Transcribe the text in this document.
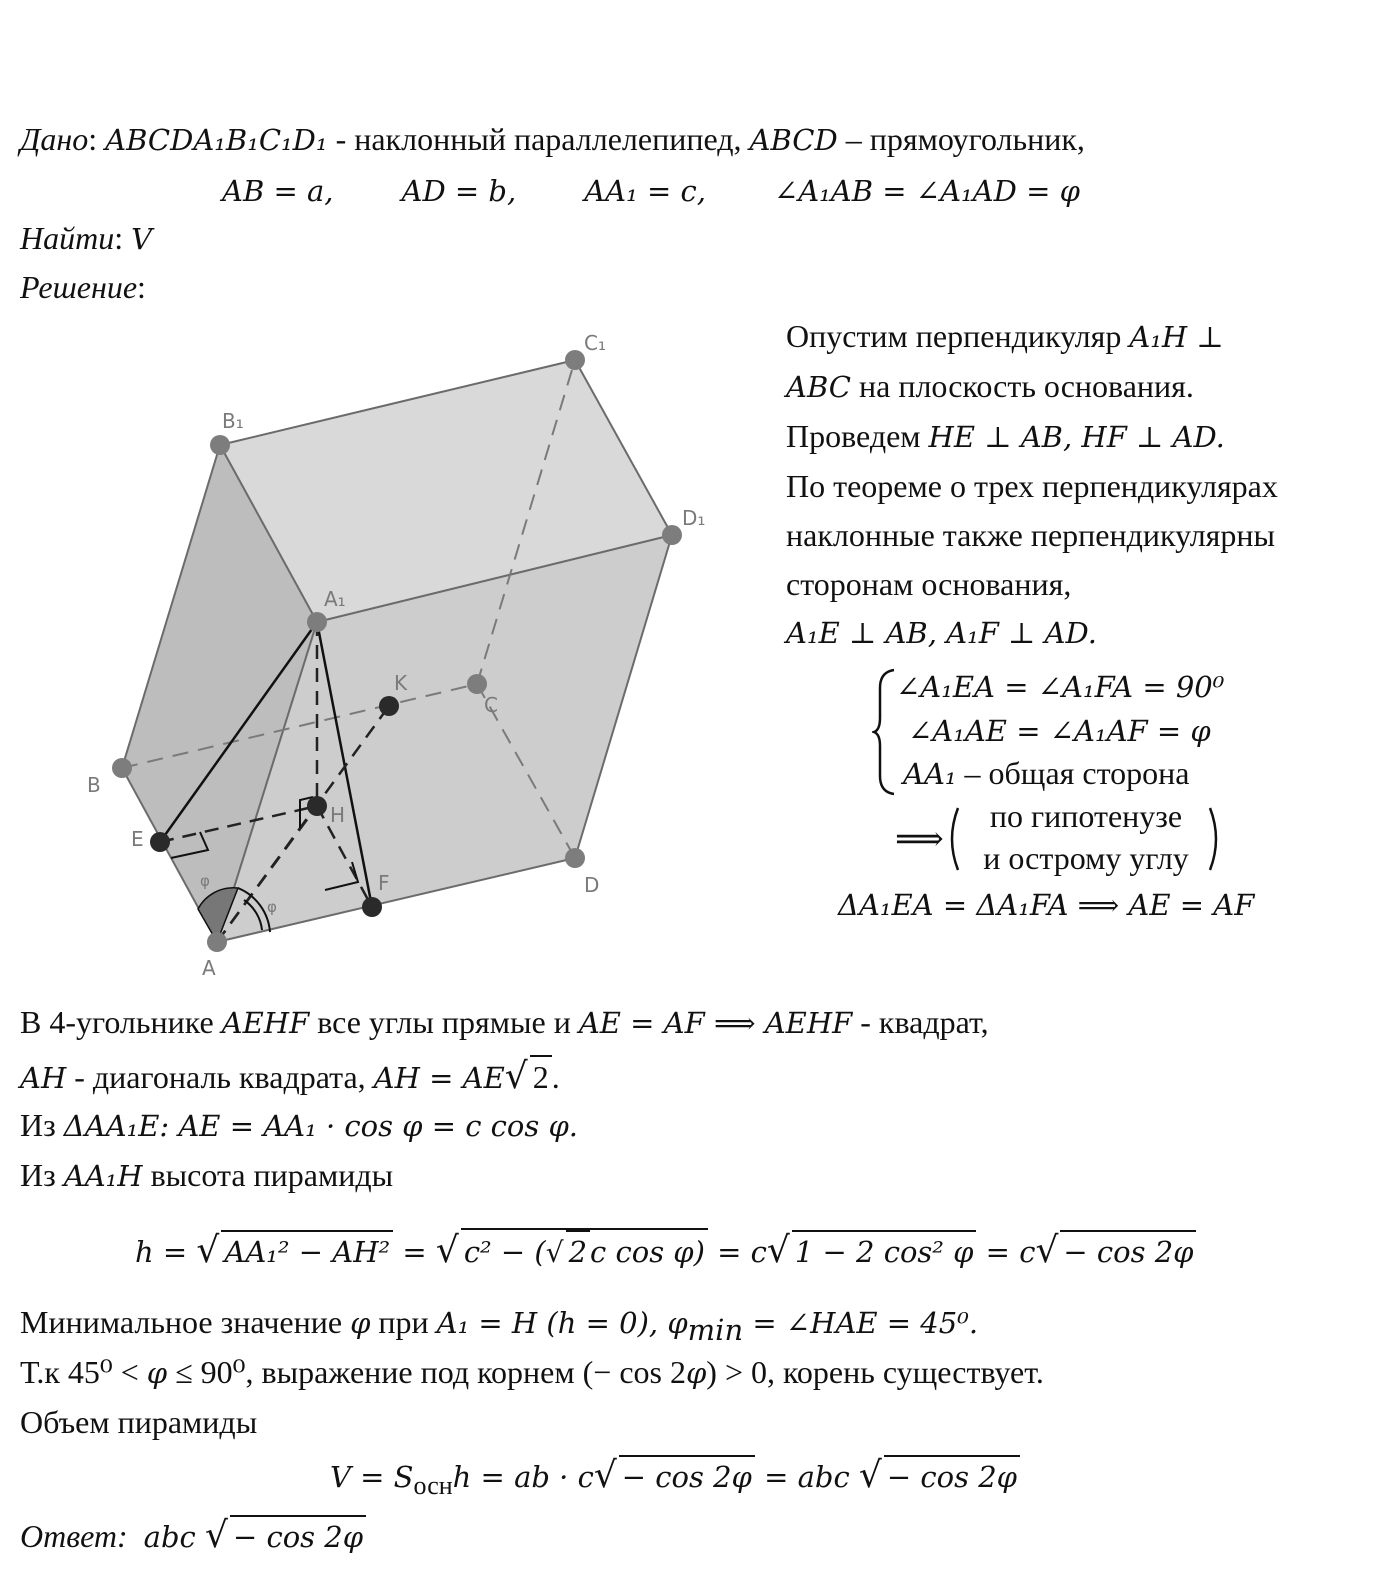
Дано: ABCDA₁B₁C₁D₁ - наклонный параллелепипед, ABCD – прямоугольник,
AB = a, AD = b, AA₁ = c, ∠A₁AB = ∠A₁AD = φ
Найти: V
Решение:
B₁
C₁
D₁
A₁
K
C
B
H
E
F	D
A
φ
φ
Опустим перпендикуляр A₁H ⊥
ABC на плоскость основания.
Проведем HE ⊥ AB, HF ⊥ AD.
По теореме о трех перпендикулярах
наклонные также перпендикулярны
сторонам основания,
A₁E ⊥ AB, A₁F ⊥ AD.
∠A₁EA = ∠A₁FA = 90⁰
∠A₁AE = ∠A₁AF = φ
AA₁ – общая сторона
⟹
по гипотенузе
и острому углу
ΔA₁EA = ΔA₁FA ⟹ AE = AF
В 4-угольнике AEHF все углы прямые и AE = AF ⟹ AEHF - квадрат,
AH - диагональ квадрата, AH = AE√ 2.
Из ΔAA₁E: AE = AA₁ · cos φ = c cos φ.
Из AA₁H высота пирамиды
h = √ AA₁² − AH² = √ c² − (√ 2 c cos φ) = c√ 1 − 2 cos² φ = c√ − cos 2φ
Минимальное значение φ при A₁ = H (h = 0), $\varphi_{min}$ = ∠HAE = 45⁰.
Т.к 45⁰ < φ ≤ 90⁰, выражение под корнем (− cos 2φ) > 0, корень существует.
Объем пирамиды
$V = S_{осн}h$ = ab · c√ − cos 2φ = abc √ − cos 2φ
Ответ: abc √ − cos 2φ
